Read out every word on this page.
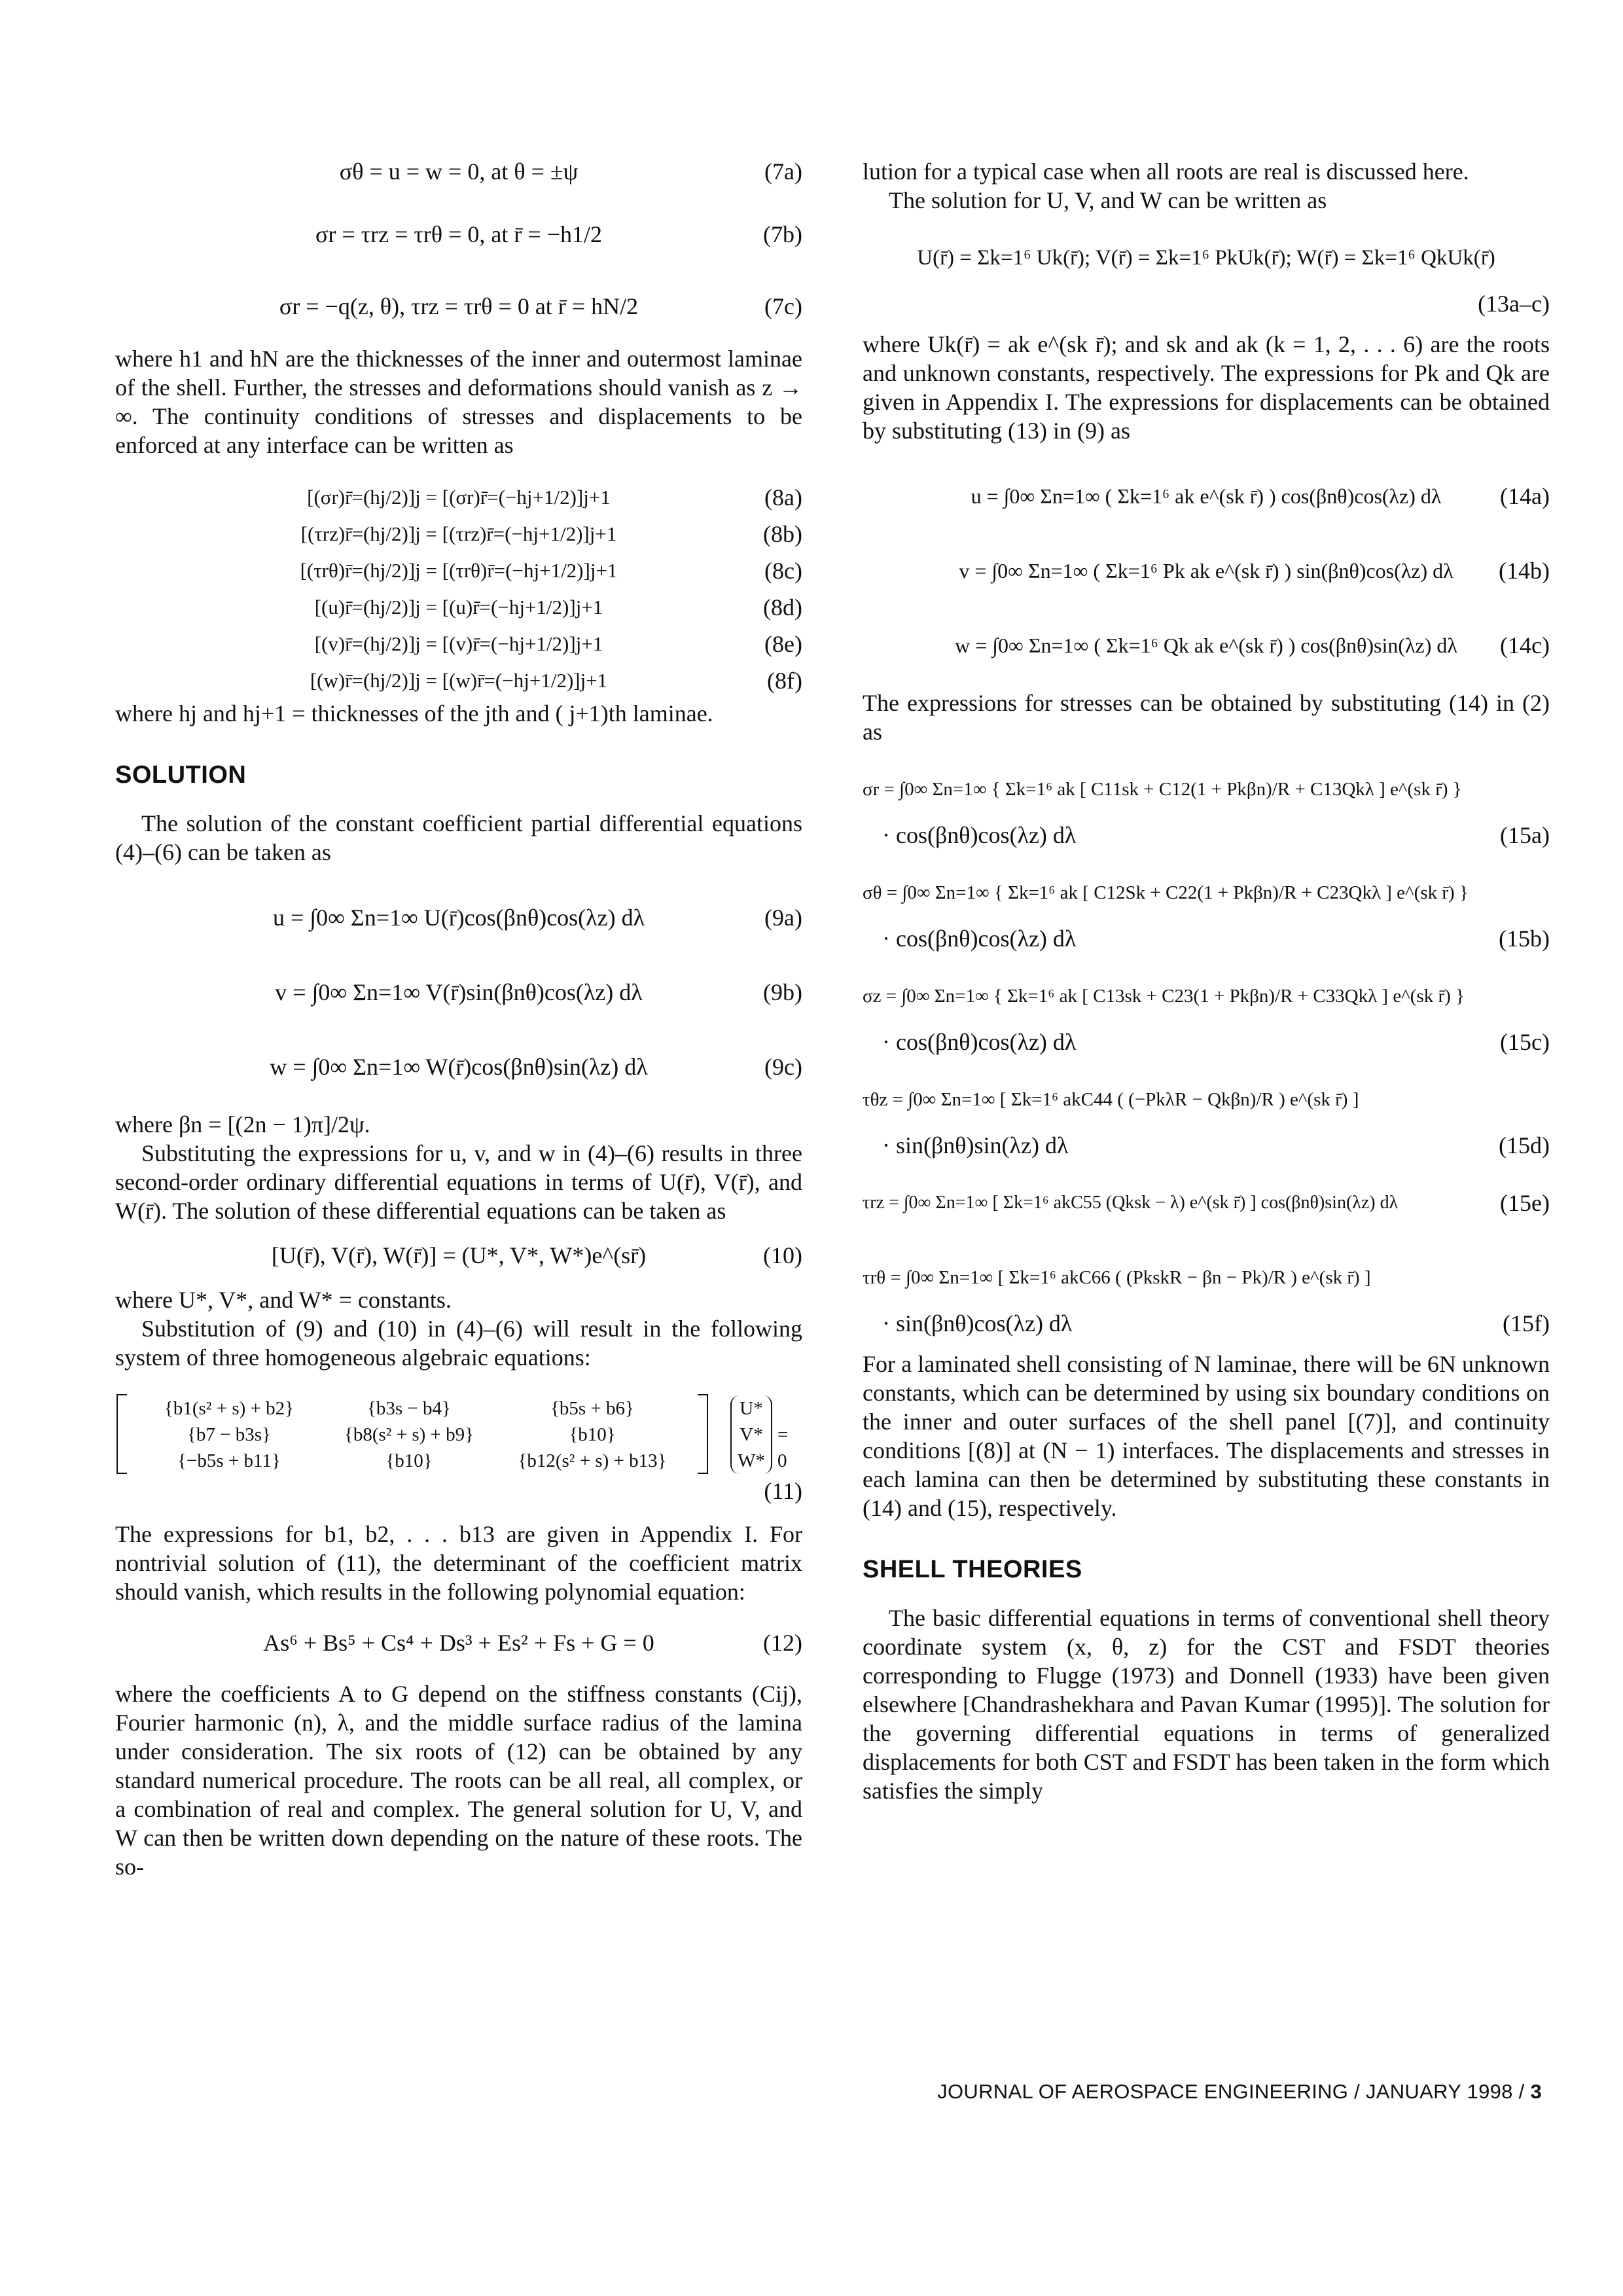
σθ = u = w = 0, at θ = ±ψ	(7a)
σr = τrz = τrθ = 0, at r̄ = −h1/2	(7b)
σr = −q(z, θ), τrz = τrθ = 0 at r̄ = hN/2	(7c)

where h1 and hN are the thicknesses of the inner and outermost laminae of the shell. Further, the stresses and deformations should vanish as z → ∞. The continuity conditions of stresses and displacements to be enforced at any interface can be written as

[(σr)r̄=(hj/2)]j = [(σr)r̄=(−hj+1/2)]j+1	(8a)
[(τrz)r̄=(hj/2)]j = [(τrz)r̄=(−hj+1/2)]j+1	(8b)
[(τrθ)r̄=(hj/2)]j = [(τrθ)r̄=(−hj+1/2)]j+1	(8c)
[(u)r̄=(hj/2)]j = [(u)r̄=(−hj+1/2)]j+1	(8d)
[(v)r̄=(hj/2)]j = [(v)r̄=(−hj+1/2)]j+1	(8e)
[(w)r̄=(hj/2)]j = [(w)r̄=(−hj+1/2)]j+1	(8f)

where hj and hj+1 = thicknesses of the jth and ( j+1)th laminae.

SOLUTION

The solution of the constant coefficient partial differential equations (4)–(6) can be taken as

u = ∫0∞ Σn=1∞ U(r̄)cos(βnθ)cos(λz) dλ	(9a)
v = ∫0∞ Σn=1∞ V(r̄)sin(βnθ)cos(λz) dλ	(9b)
w = ∫0∞ Σn=1∞ W(r̄)cos(βnθ)sin(λz) dλ	(9c)

where βn = [(2n − 1)π]/2ψ.

Substituting the expressions for u, v, and w in (4)–(6) results in three second-order ordinary differential equations in terms of U(r̄), V(r̄), and W(r̄). The solution of these differential equations can be taken as

[U(r̄), V(r̄), W(r̄)] = (U*, V*, W*)e^(sr̄)	(10)

where U*, V*, and W* = constants.

Substitution of (9) and (10) in (4)–(6) will result in the following system of three homogeneous algebraic equations:

{b1(s² + s) + b2}	{b3s − b4}	{b5s + b6}
{b7 − b3s}	{b8(s² + s) + b9}	{b10}
{−b5s + b11}	{b10}	{b12(s² + s) + b13}
U*
V*
W*
= 0
(11)

The expressions for b1, b2, . . . b13 are given in Appendix I. For nontrivial solution of (11), the determinant of the coefficient matrix should vanish, which results in the following polynomial equation:

As⁶ + Bs⁵ + Cs⁴ + Ds³ + Es² + Fs + G = 0	(12)

where the coefficients A to G depend on the stiffness constants (Cij), Fourier harmonic (n), λ, and the middle surface radius of the lamina under consideration. The six roots of (12) can be obtained by any standard numerical procedure. The roots can be all real, all complex, or a combination of real and complex. The general solution for U, V, and W can then be written down depending on the nature of these roots. The so-

lution for a typical case when all roots are real is discussed here.

The solution for U, V, and W can be written as

U(r̄) = Σk=1⁶ Uk(r̄); V(r̄) = Σk=1⁶ PkUk(r̄); W(r̄) = Σk=1⁶ QkUk(r̄)
(13a–c)

where Uk(r̄) = ak e^(sk r̄); and sk and ak (k = 1, 2, . . . 6) are the roots and unknown constants, respectively. The expressions for Pk and Qk are given in Appendix I. The expressions for displacements can be obtained by substituting (13) in (9) as

u = ∫0∞ Σn=1∞ ( Σk=1⁶ ak e^(sk r̄) ) cos(βnθ)cos(λz) dλ (14a)
v = ∫0∞ Σn=1∞ ( Σk=1⁶ Pk ak e^(sk r̄) ) sin(βnθ)cos(λz) dλ (14b)
w = ∫0∞ Σn=1∞ ( Σk=1⁶ Qk ak e^(sk r̄) ) cos(βnθ)sin(λz) dλ (14c)

The expressions for stresses can be obtained by substituting (14) in (2) as

σr = ∫0∞ Σn=1∞ { Σk=1⁶ ak [ C11sk + C12(1 + Pkβn)/R + C13Qkλ ] e^(sk r̄) }
· cos(βnθ)cos(λz) dλ	(15a)
σθ = ∫0∞ Σn=1∞ { Σk=1⁶ ak [ C12Sk + C22(1 + Pkβn)/R + C23Qkλ ] e^(sk r̄) }
· cos(βnθ)cos(λz) dλ	(15b)
σz = ∫0∞ Σn=1∞ { Σk=1⁶ ak [ C13sk + C23(1 + Pkβn)/R + C33Qkλ ] e^(sk r̄) }
· cos(βnθ)cos(λz) dλ	(15c)
τθz = ∫0∞ Σn=1∞ [ Σk=1⁶ akC44 ( (−PkλR − Qkβn)/R ) e^(sk r̄) ]
· sin(βnθ)sin(λz) dλ	(15d)
τrz = ∫0∞ Σn=1∞ [ Σk=1⁶ akC55 (Qksk − λ) e^(sk r̄) ] cos(βnθ)sin(λz) dλ	(15e)
τrθ = ∫0∞ Σn=1∞ [ Σk=1⁶ akC66 ( (PkskR − βn − Pk)/R ) e^(sk r̄) ]
· sin(βnθ)cos(λz) dλ	(15f)

For a laminated shell consisting of N laminae, there will be 6N unknown constants, which can be determined by using six boundary conditions on the inner and outer surfaces of the shell panel [(7)], and continuity conditions [(8)] at (N − 1) interfaces. The displacements and stresses in each lamina can then be determined by substituting these constants in (14) and (15), respectively.

SHELL THEORIES

The basic differential equations in terms of conventional shell theory coordinate system (x, θ, z) for the CST and FSDT theories corresponding to Flugge (1973) and Donnell (1933) have been given elsewhere [Chandrashekhara and Pavan Kumar (1995)]. The solution for the governing differential equations in terms of generalized displacements for both CST and FSDT has been taken in the form which satisfies the simply

JOURNAL OF AEROSPACE ENGINEERING / JANUARY 1998 / 3
